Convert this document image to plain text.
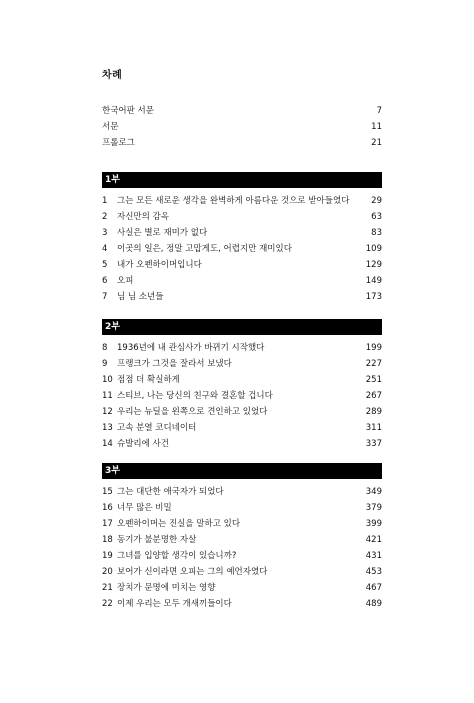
차례
한국어판 서문	7
서문	11
프롤로그	21
1부
1	그는 모든 새로운 생각을 완벽하게 아름다운 것으로 받아들였다	29
2	자신만의 감옥	63
3	사실은 별로 재미가 없다	83
4	이곳의 일은, 정말 고맙게도, 어렵지만 재미있다	109
5	내가 오펜하이머입니다	129
6	오피	149
7	님 님 소년들	173
2부
8	1936년에 내 관심사가 바뀌기 시작했다	199
9	프랭크가 그것을 잘라서 보냈다	227
10 점점 더 확실하게	251
11 스티브, 나는 당신의 친구와 결혼할 겁니다	267
12 우리는 뉴딜을 왼쪽으로 견인하고 있었다	289
13 고속 분열 코디네이터	311
14 슈발리에 사건	337
3부
15 그는 대단한 애국자가 되었다	349
16 너무 많은 비밀	379
17 오펜하이머는 진실을 말하고 있다	399
18 동기가 불분명한 자살	421
19 그녀를 입양할 생각이 있습니까?	431
20 보어가 신이라면 오피는 그의 예언자였다	453
21 장치가 문명에 미치는 영향	467
22 이제 우리는 모두 개새끼들이다	489
